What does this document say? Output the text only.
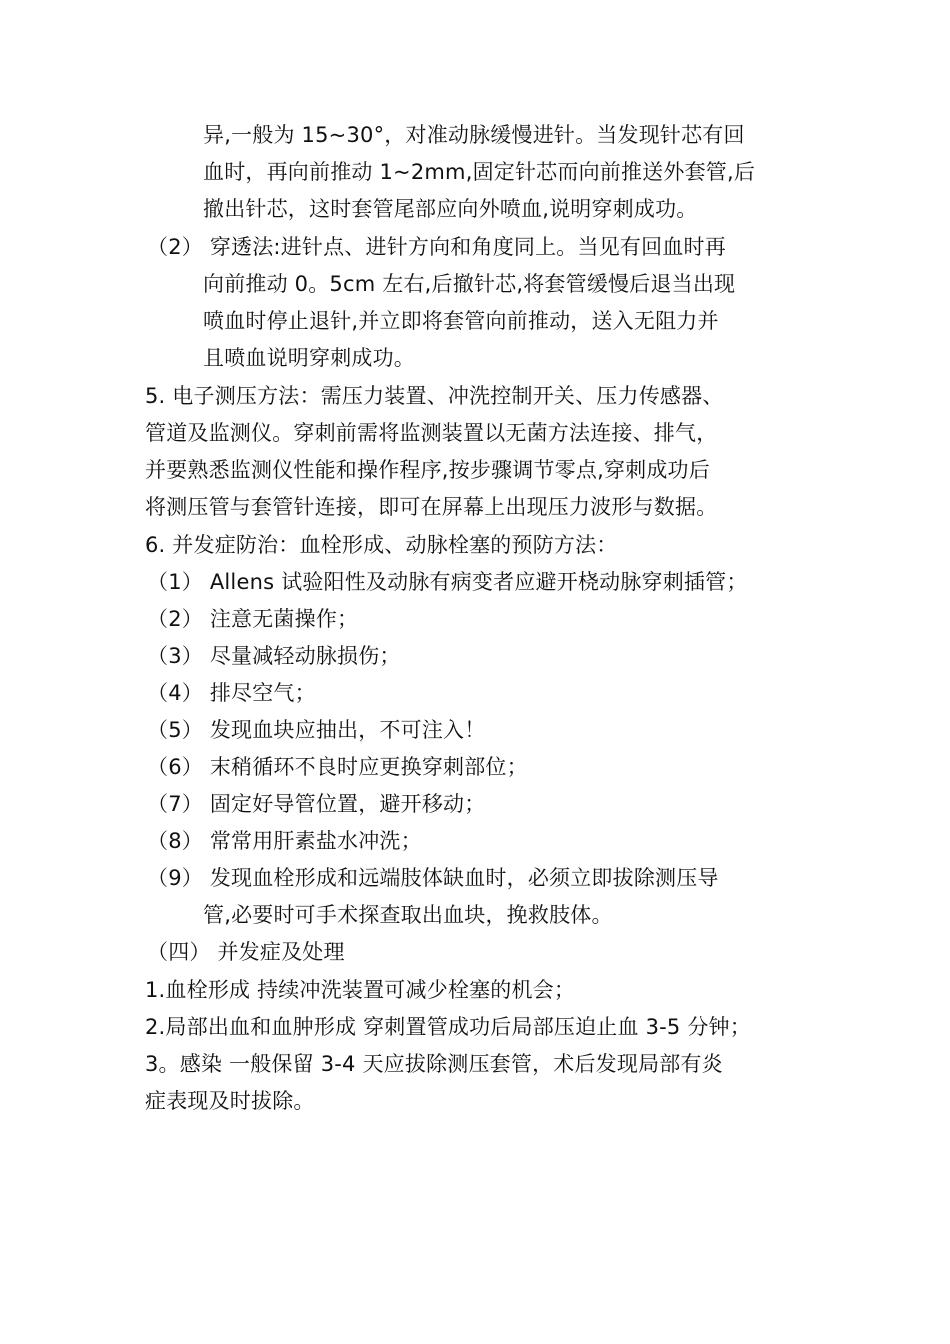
异,一般为 15~30°，对准动脉缓慢进针。当发现针芯有回
血时，再向前推动 1~2mm,固定针芯而向前推送外套管,后
撤出针芯，这时套管尾部应向外喷血,说明穿刺成功。
（2） 穿透法:进针点、进针方向和角度同上。当见有回血时再
向前推动 0。5cm 左右,后撤针芯,将套管缓慢后退当出现
喷血时停止退针,并立即将套管向前推动，送入无阻力并
且喷血说明穿刺成功。
5. 电子测压方法：需压力装置、冲洗控制开关、压力传感器、
管道及监测仪。穿刺前需将监测装置以无菌方法连接、排气，
并要熟悉监测仪性能和操作程序,按步骤调节零点,穿刺成功后
将测压管与套管针连接，即可在屏幕上出现压力波形与数据。
6. 并发症防治：血栓形成、动脉栓塞的预防方法：
（1） Allens 试验阳性及动脉有病变者应避开桡动脉穿刺插管；
（2） 注意无菌操作；
（3） 尽量减轻动脉损伤；
（4） 排尽空气；
（5） 发现血块应抽出，不可注入！
（6） 末稍循环不良时应更换穿刺部位；
（7） 固定好导管位置，避开移动；
（8） 常常用肝素盐水冲洗；
（9） 发现血栓形成和远端肢体缺血时，必须立即拔除测压导
管,必要时可手术探查取出血块，挽救肢体。
（四） 并发症及处理
1.血栓形成 持续冲洗装置可减少栓塞的机会；
2.局部出血和血肿形成 穿刺置管成功后局部压迫止血 3-5 分钟；
3。感染 一般保留 3-4 天应拔除测压套管，术后发现局部有炎
症表现及时拔除。
